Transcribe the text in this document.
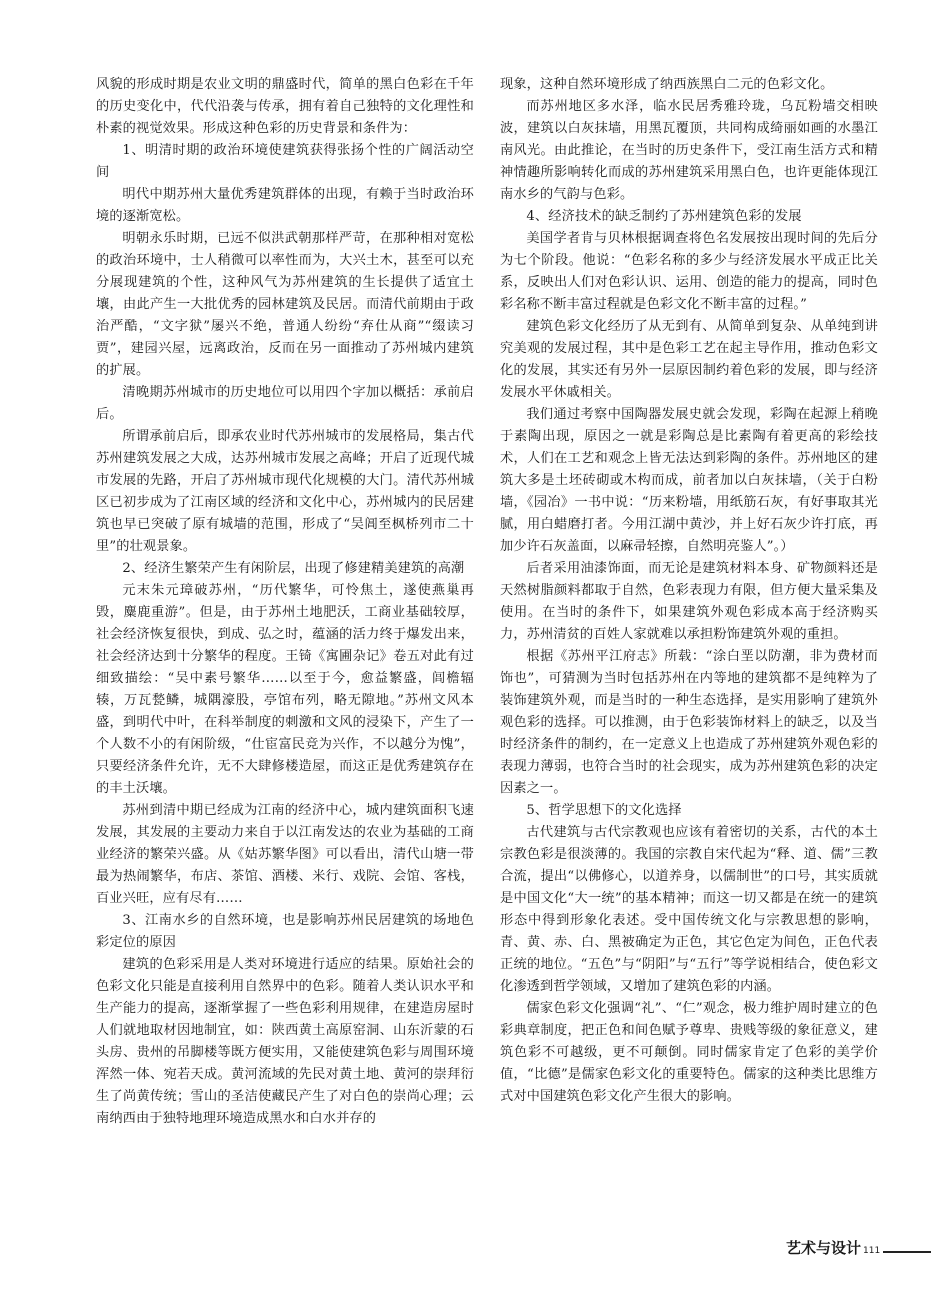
风貌的形成时期是农业文明的鼎盛时代，简单的黑白色彩在千年的历史变化中，代代沿袭与传承，拥有着自己独特的文化理性和朴素的视觉效果。形成这种色彩的历史背景和条件为：

1、明清时期的政治环境使建筑获得张扬个性的广阔活动空间

明代中期苏州大量优秀建筑群体的出现，有赖于当时政治环境的逐渐宽松。

明朝永乐时期，已远不似洪武朝那样严苛，在那种相对宽松的政治环境中，士人稍微可以率性而为，大兴土木，甚至可以充分展现建筑的个性，这种风气为苏州建筑的生长提供了适宜土壤，由此产生一大批优秀的园林建筑及民居。而清代前期由于政治严酷，“文字狱”屡兴不绝，普通人纷纷“弃仕从商”“缀读习贾”，建园兴屋，远离政治，反而在另一面推动了苏州城内建筑的扩展。

清晚期苏州城市的历史地位可以用四个字加以概括：承前启后。

所谓承前启后，即承农业时代苏州城市的发展格局，集古代苏州建筑发展之大成，达苏州城市发展之高峰；开启了近现代城市发展的先路，开启了苏州城市现代化规模的大门。清代苏州城区已初步成为了江南区域的经济和文化中心，苏州城内的民居建筑也早已突破了原有城墙的范围，形成了“吴阊至枫桥列市二十里”的壮观景象。

2、经济生繁荣产生有闲阶层，出现了修建精美建筑的高潮

元末朱元璋破苏州，“历代繁华，可怜焦土，遂使燕巢再毁，麋鹿重游”。但是，由于苏州土地肥沃，工商业基础较厚，社会经济恢复很快，到成、弘之时，蕴涵的活力终于爆发出来，社会经济达到十分繁华的程度。王锜《寓圃杂记》卷五对此有过细致描绘：“吴中素号繁华……以至于今，愈益繁盛，闾檐辐辏，万瓦甃鳞，城隅濠股，亭馆布列，略无隙地。”苏州文风本盛，到明代中叶，在科举制度的刺激和文风的浸染下，产生了一个人数不小的有闲阶级，“仕宦富民竞为兴作，不以越分为愧”，只要经济条件允许，无不大肆修楼造屋，而这正是优秀建筑存在的丰土沃壤。

苏州到清中期已经成为江南的经济中心，城内建筑面积飞速发展，其发展的主要动力来自于以江南发达的农业为基础的工商业经济的繁荣兴盛。从《姑苏繁华图》可以看出，清代山塘一带最为热闹繁华，布店、茶馆、酒楼、米行、戏院、会馆、客栈，百业兴旺，应有尽有……

3、江南水乡的自然环境，也是影响苏州民居建筑的场地色彩定位的原因

建筑的色彩采用是人类对环境进行适应的结果。原始社会的色彩文化只能是直接利用自然界中的色彩。随着人类认识水平和生产能力的提高，逐渐掌握了一些色彩利用规律，在建造房屋时人们就地取材因地制宜，如：陕西黄土高原窑洞、山东沂蒙的石头房、贵州的吊脚楼等既方便实用，又能使建筑色彩与周围环境浑然一体、宛若天成。黄河流域的先民对黄土地、黄河的崇拜衍生了尚黄传统；雪山的圣洁使藏民产生了对白色的崇尚心理；云南纳西由于独特地理环境造成黑水和白水并存的

现象，这种自然环境形成了纳西族黑白二元的色彩文化。

而苏州地区多水泽，临水民居秀雅玲珑，乌瓦粉墙交相映波，建筑以白灰抹墙，用黑瓦覆顶，共同构成绮丽如画的水墨江南风光。由此推论，在当时的历史条件下，受江南生活方式和精神情趣所影响转化而成的苏州建筑采用黑白色，也许更能体现江南水乡的气韵与色彩。

4、经济技术的缺乏制约了苏州建筑色彩的发展

美国学者肯与贝林根据调查将色名发展按出现时间的先后分为七个阶段。他说：“色彩名称的多少与经济发展水平成正比关系，反映出人们对色彩认识、运用、创造的能力的提高，同时色彩名称不断丰富过程就是色彩文化不断丰富的过程。”

建筑色彩文化经历了从无到有、从简单到复杂、从单纯到讲究美观的发展过程，其中是色彩工艺在起主导作用，推动色彩文化的发展，其实还有另外一层原因制约着色彩的发展，即与经济发展水平休戚相关。

我们通过考察中国陶器发展史就会发现，彩陶在起源上稍晚于素陶出现，原因之一就是彩陶总是比素陶有着更高的彩绘技术，人们在工艺和观念上皆无法达到彩陶的条件。苏州地区的建筑大多是土坯砖砌或木构而成，前者加以白灰抹墙，（关于白粉墙，《园冶》一书中说：“历来粉墙，用纸筋石灰，有好事取其光腻，用白蜡磨打者。今用江湖中黄沙，并上好石灰少许打底，再加少许石灰盖面，以麻帚轻擦，自然明亮鉴人”。）

后者采用油漆饰面，而无论是建筑材料本身、矿物颜料还是天然树脂颜料都取于自然，色彩表现力有限，但方便大量采集及使用。在当时的条件下，如果建筑外观色彩成本高于经济购买力，苏州清贫的百姓人家就难以承担粉饰建筑外观的重担。

根据《苏州平江府志》所载：“涂白垩以防潮，非为费材而饰也”，可猜测为当时包括苏州在内等地的建筑都不是纯粹为了装饰建筑外观，而是当时的一种生态选择，是实用影响了建筑外观色彩的选择。可以推测，由于色彩装饰材料上的缺乏，以及当时经济条件的制约，在一定意义上也造成了苏州建筑外观色彩的表现力薄弱，也符合当时的社会现实，成为苏州建筑色彩的决定因素之一。

5、哲学思想下的文化选择

古代建筑与古代宗教观也应该有着密切的关系，古代的本土宗教色彩是很淡薄的。我国的宗教自宋代起为“释、道、儒”三教合流，提出“以佛修心，以道养身，以儒制世”的口号，其实质就是中国文化“大一统”的基本精神；而这一切又都是在统一的建筑形态中得到形象化表述。受中国传统文化与宗教思想的影响，青、黄、赤、白、黑被确定为正色，其它色定为间色，正色代表正统的地位。“五色”与“阴阳”与“五行”等学说相结合，使色彩文化渗透到哲学领域，又增加了建筑色彩的内涵。

儒家色彩文化强调“礼”、“仁”观念，极力维护周时建立的色彩典章制度，把正色和间色赋予尊卑、贵贱等级的象征意义，建筑色彩不可越级，更不可颠倒。同时儒家肯定了色彩的美学价值，“比德”是儒家色彩文化的重要特色。儒家的这种类比思维方式对中国建筑色彩文化产生很大的影响。

艺术与设计 111
